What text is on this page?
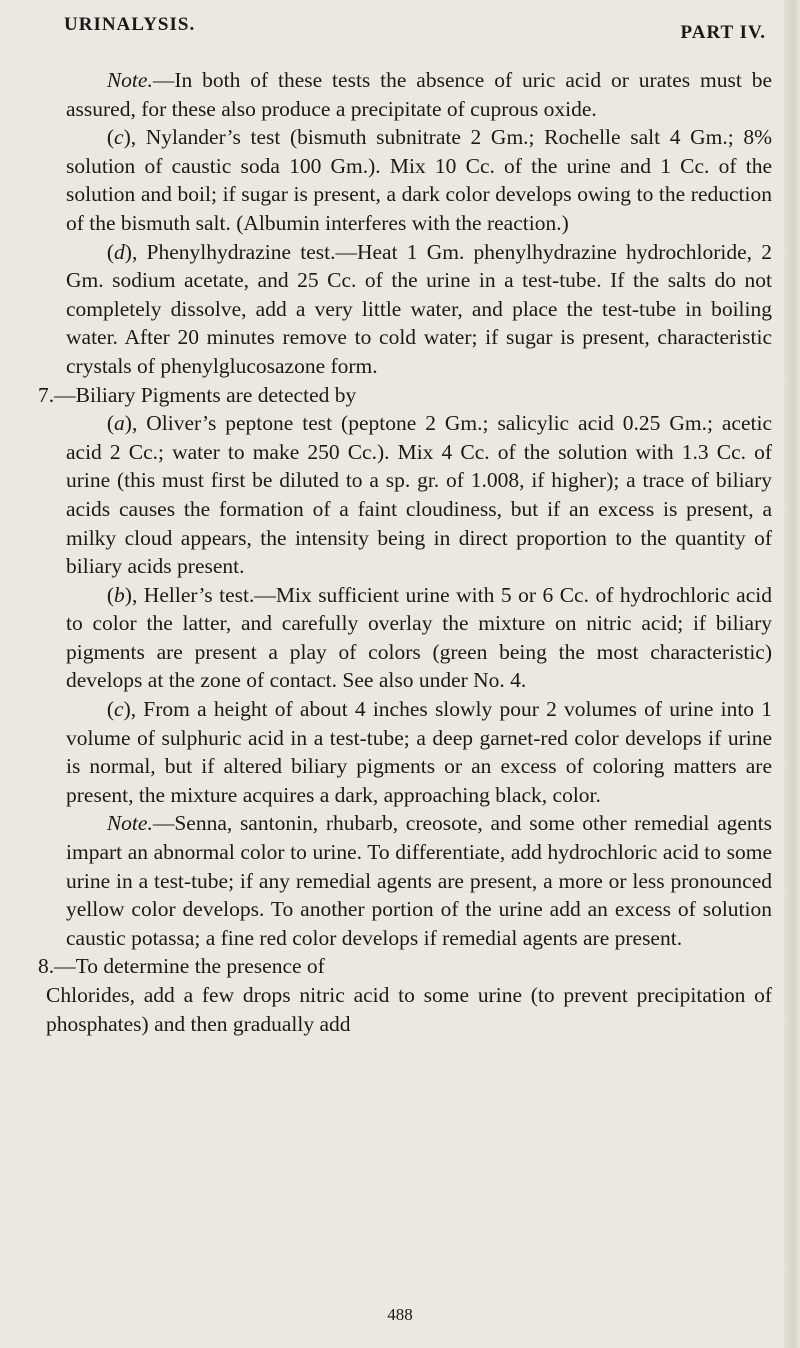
URINALYSIS.	PART IV.

Note.—In both of these tests the absence of uric acid or urates must be assured, for these also produce a precipitate of cuprous oxide.

(c), Nylander’s test (bismuth subnitrate 2 Gm.; Rochelle salt 4 Gm.; 8% solution of caustic soda 100 Gm.). Mix 10 Cc. of the urine and 1 Cc. of the solution and boil; if sugar is present, a dark color develops owing to the reduction of the bismuth salt. (Albumin interferes with the reaction.)

(d), Phenylhydrazine test.—Heat 1 Gm. phenylhydrazine hydrochloride, 2 Gm. sodium acetate, and 25 Cc. of the urine in a test-tube. If the salts do not completely dissolve, add a very little water, and place the test-tube in boiling water. After 20 minutes remove to cold water; if sugar is present, characteristic crystals of phenylglucosazone form.

7.—Biliary Pigments are detected by

(a), Oliver’s peptone test (peptone 2 Gm.; salicylic acid 0.25 Gm.; acetic acid 2 Cc.; water to make 250 Cc.). Mix 4 Cc. of the solution with 1.3 Cc. of urine (this must first be diluted to a sp. gr. of 1.008, if higher); a trace of biliary acids causes the formation of a faint cloudiness, but if an excess is present, a milky cloud appears, the intensity being in direct proportion to the quantity of biliary acids present.

(b), Heller’s test.—Mix sufficient urine with 5 or 6 Cc. of hydrochloric acid to color the latter, and carefully overlay the mixture on nitric acid; if biliary pigments are present a play of colors (green being the most characteristic) develops at the zone of contact. See also under No. 4.

(c), From a height of about 4 inches slowly pour 2 volumes of urine into 1 volume of sulphuric acid in a test-tube; a deep garnet-red color develops if urine is normal, but if altered biliary pigments or an excess of coloring matters are present, the mixture acquires a dark, approaching black, color.

Note.—Senna, santonin, rhubarb, creosote, and some other remedial agents impart an abnormal color to urine. To differentiate, add hydrochloric acid to some urine in a test-tube; if any remedial agents are present, a more or less pronounced yellow color develops. To another portion of the urine add an excess of solution caustic potassa; a fine red color develops if remedial agents are present.

8.—To determine the presence of

Chlorides, add a few drops nitric acid to some urine (to prevent precipitation of phosphates) and then gradually add

488
